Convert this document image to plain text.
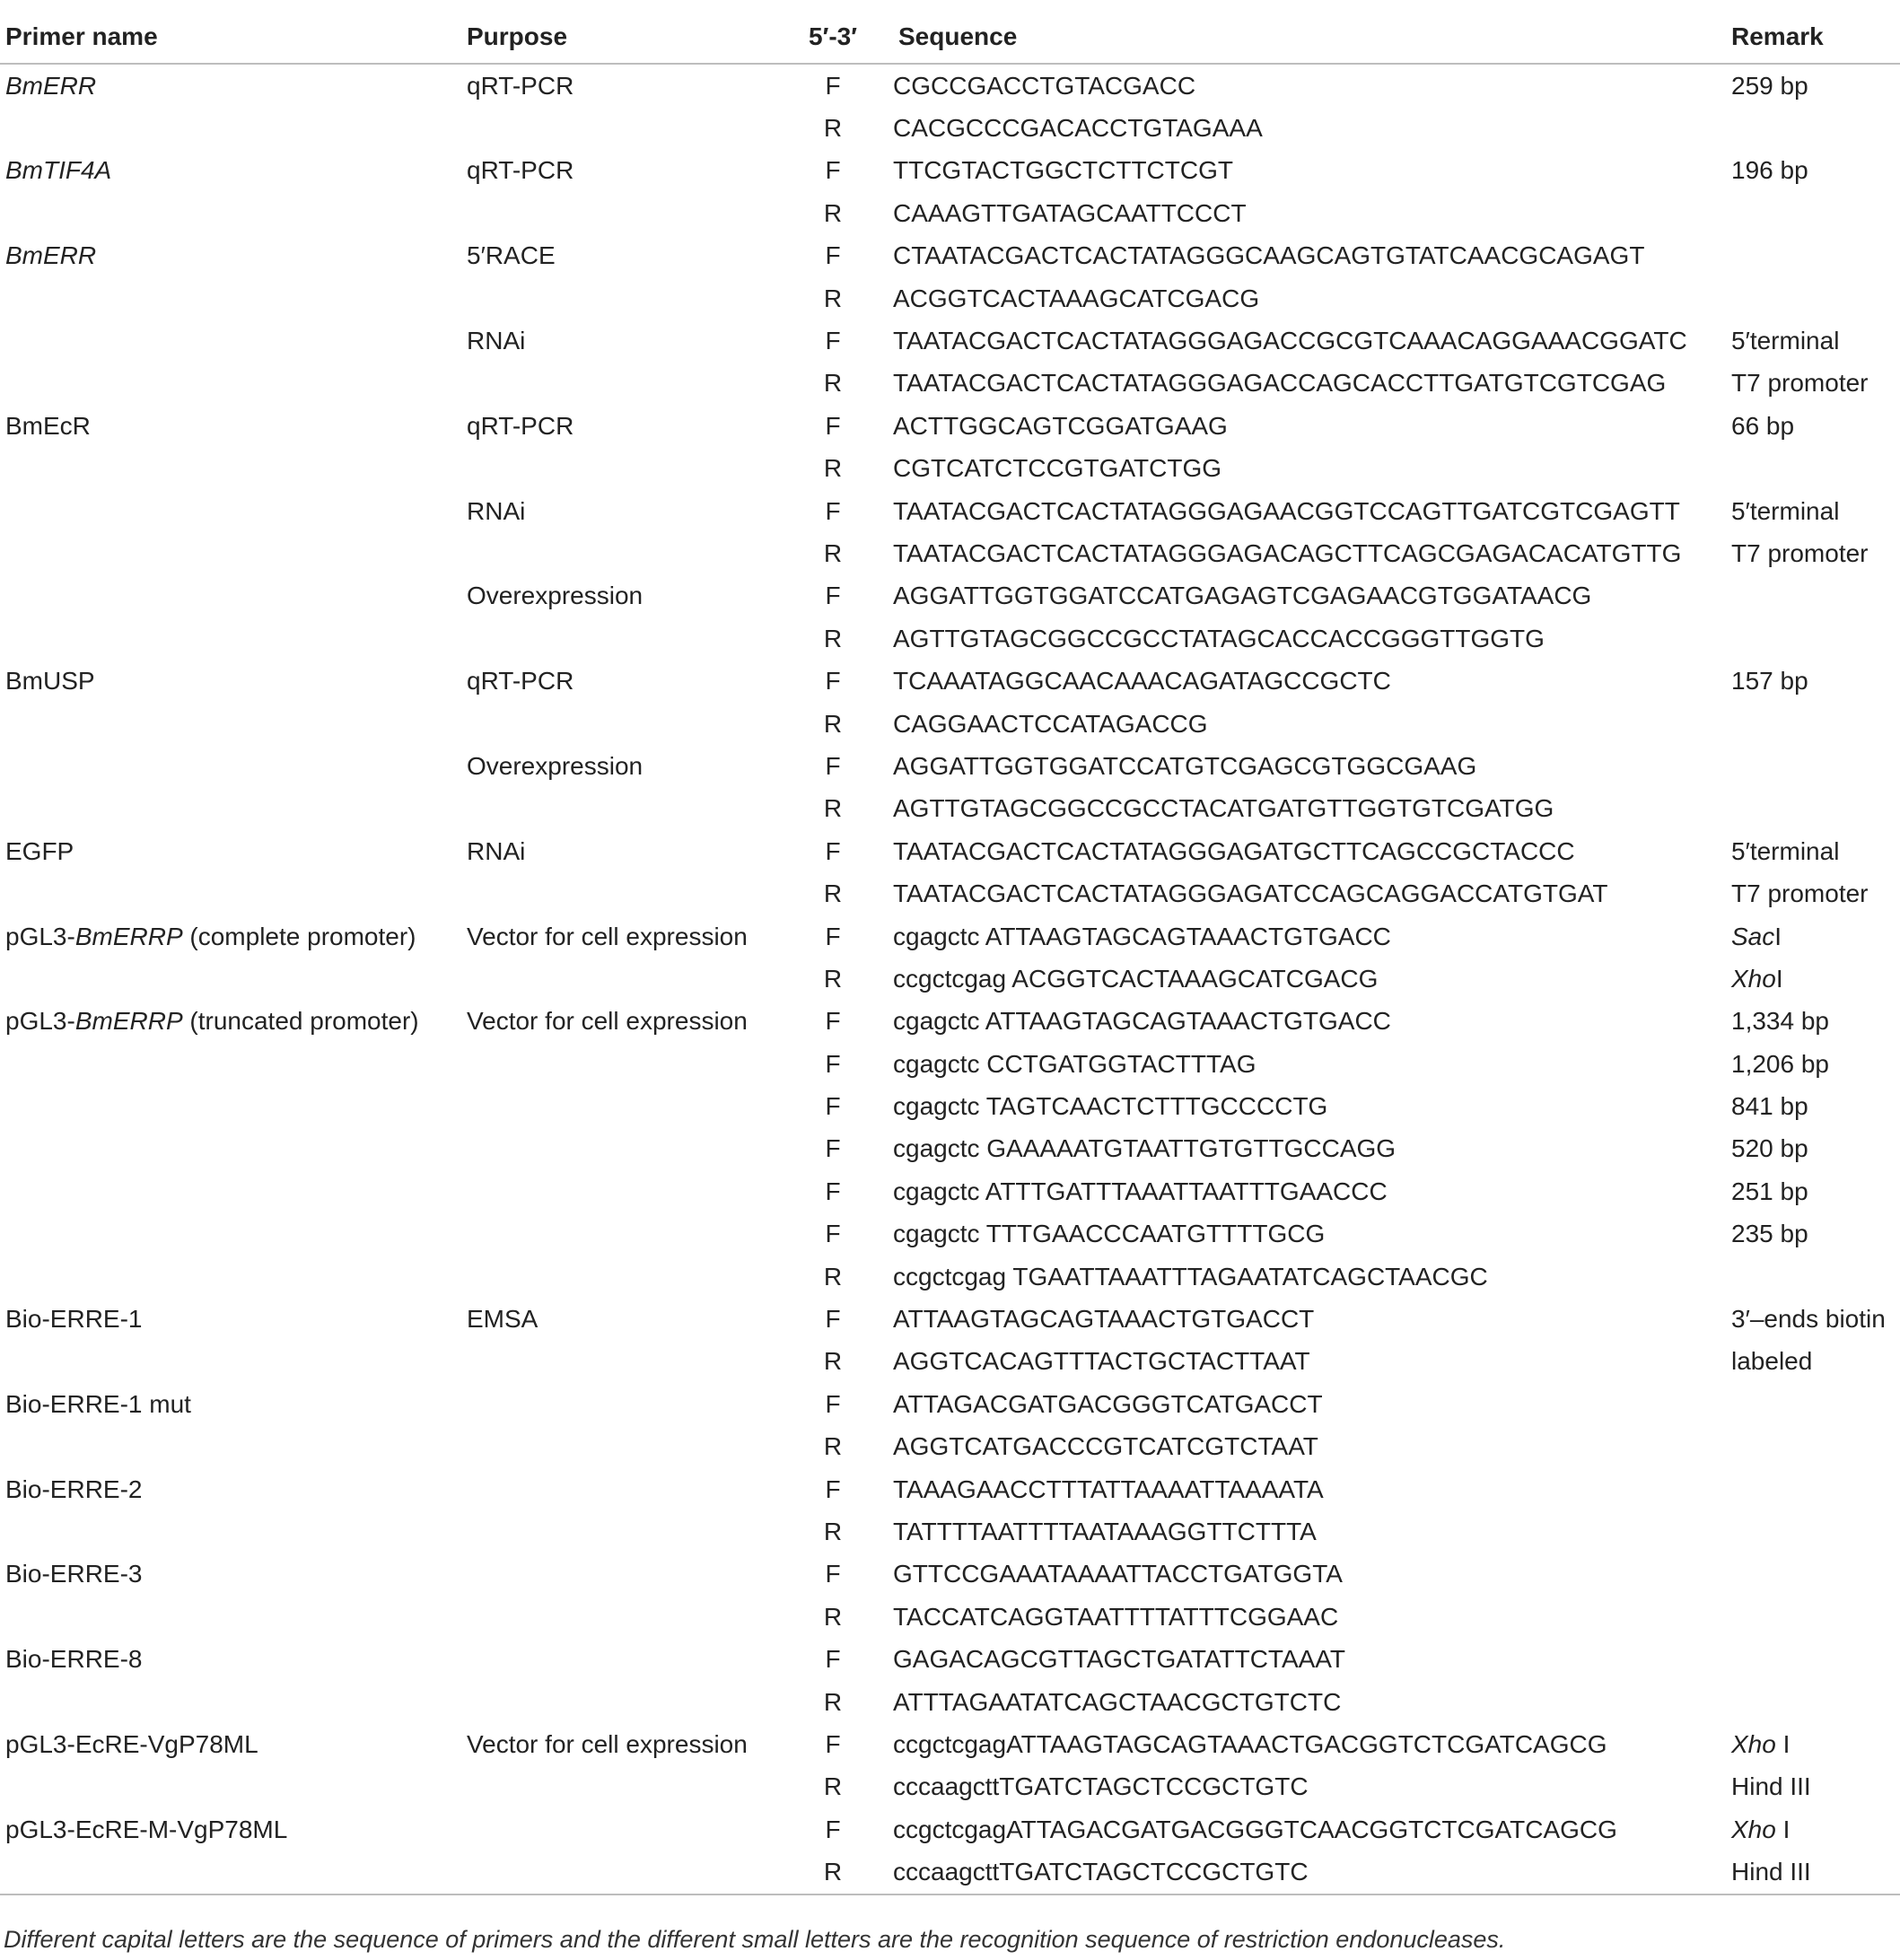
Primer name	Purpose	5′-3′	Sequence	Remark
BmERR	qRT-PCR	F	CGCCGACCTGTACGACC	259 bp
		R	CACGCCCGACACCTGTAGAAA	
BmTIF4A	qRT-PCR	F	TTCGTACTGGCTCTTCTCGT	196 bp
		R	CAAAGTTGATAGCAATTCCCT	
BmERR	5′RACE	F	CTAATACGACTCACTATAGGGCAAGCAGTGTATCAACGCAGAGT	
		R	ACGGTCACTAAAGCATCGACG	
	RNAi	F	TAATACGACTCACTATAGGGAGACCGCGTCAAACAGGAAACGGATC	5′terminal
		R	TAATACGACTCACTATAGGGAGACCAGCACCTTGATGTCGTCGAG	T7 promoter
BmEcR	qRT-PCR	F	ACTTGGCAGTCGGATGAAG	66 bp
		R	CGTCATCTCCGTGATCTGG	
	RNAi	F	TAATACGACTCACTATAGGGAGAACGGTCCAGTTGATCGTCGAGTT	5′terminal
		R	TAATACGACTCACTATAGGGAGACAGCTTCAGCGAGACACATGTTG	T7 promoter
	Overexpression	F	AGGATTGGTGGATCCATGAGAGTCGAGAACGTGGATAACG	
		R	AGTTGTAGCGGCCGCCTATAGCACCACCGGGTTGGTG	
BmUSP	qRT-PCR	F	TCAAATAGGCAACAAACAGATAGCCGCTC	157 bp
		R	CAGGAACTCCATAGACCG	
	Overexpression	F	AGGATTGGTGGATCCATGTCGAGCGTGGCGAAG	
		R	AGTTGTAGCGGCCGCCTACATGATGTTGGTGTCGATGG	
EGFP	RNAi	F	TAATACGACTCACTATAGGGAGATGCTTCAGCCGCTACCC	5′terminal
		R	TAATACGACTCACTATAGGGAGATCCAGCAGGACCATGTGAT	T7 promoter
pGL3-BmERRP (complete promoter)	Vector for cell expression	F	cgagctc ATTAAGTAGCAGTAAACTGTGACC	SacI
		R	ccgctcgag ACGGTCACTAAAGCATCGACG	XhoI
pGL3-BmERRP (truncated promoter)	Vector for cell expression	F	cgagctc ATTAAGTAGCAGTAAACTGTGACC	1,334 bp
		F	cgagctc CCTGATGGTACTTTAG	1,206 bp
		F	cgagctc TAGTCAACTCTTTGCCCCTG	841 bp
		F	cgagctc GAAAAATGTAATTGTGTTGCCAGG	520 bp
		F	cgagctc ATTTGATTTAAATTAATTTGAACCC	251 bp
		F	cgagctc TTTGAACCCAATGTTTTGCG	235 bp
		R	ccgctcgag TGAATTAAATTTAGAATATCAGCTAACGC	
Bio-ERRE-1	EMSA	F	ATTAAGTAGCAGTAAACTGTGACCT	3′–ends biotin
		R	AGGTCACAGTTTACTGCTACTTAAT	labeled
Bio-ERRE-1 mut		F	ATTAGACGATGACGGGTCATGACCT	
		R	AGGTCATGACCCGTCATCGTCTAAT	
Bio-ERRE-2		F	TAAAGAACCTTTATTAAAATTAAAATA	
		R	TATTTTAATTTTAATAAAGGTTCTTTA	
Bio-ERRE-3		F	GTTCCGAAATAAAATTACCTGATGGTA	
		R	TACCATCAGGTAATTTTATTTCGGAAC	
Bio-ERRE-8		F	GAGACAGCGTTAGCTGATATTCTAAAT	
		R	ATTTAGAATATCAGCTAACGCTGTCTC	
pGL3-EcRE-VgP78ML	Vector for cell expression	F	ccgctcgagATTAAGTAGCAGTAAACTGACGGTCTCGATCAGCG	Xho I
		R	cccaagcttTGATCTAGCTCCGCTGTC	Hind III
pGL3-EcRE-M-VgP78ML		F	ccgctcgagATTAGACGATGACGGGTCAACGGTCTCGATCAGCG	Xho I
		R	cccaagcttTGATCTAGCTCCGCTGTC	Hind III
Different capital letters are the sequence of primers and the different small letters are the recognition sequence of restriction endonucleases.
